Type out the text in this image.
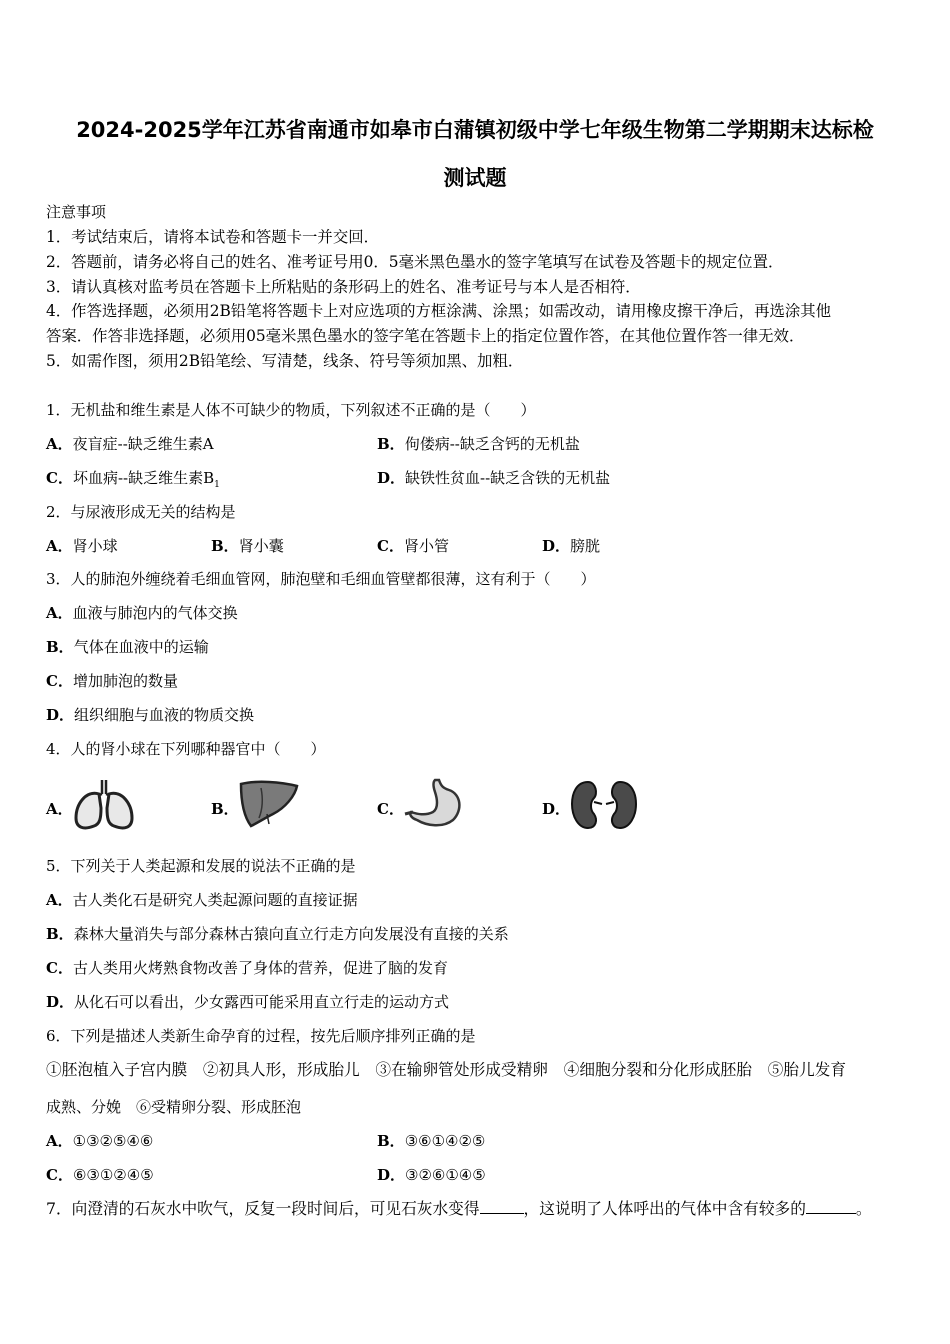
2024-2025学年江苏省南通市如皋市白蒲镇初级中学七年级生物第二学期期末达标检
测试题
注意事项
1．考试结束后，请将本试卷和答题卡一并交回．
2．答题前，请务必将自己的姓名、准考证号用0．5毫米黑色墨水的签字笔填写在试卷及答题卡的规定位置．
3．请认真核对监考员在答题卡上所粘贴的条形码上的姓名、准考证号与本人是否相符．
4．作答选择题，必须用2B铅笔将答题卡上对应选项的方框涂满、涂黑；如需改动，请用橡皮擦干净后，再选涂其他
答案．作答非选择题，必须用05毫米黑色墨水的签字笔在答题卡上的指定位置作答，在其他位置作答一律无效．
5．如需作图，须用2B铅笔绘、写清楚，线条、符号等须加黑、加粗．
1．无机盐和维生素是人体不可缺少的物质，下列叙述不正确的是（　　）
A．夜盲症--缺乏维生素A	B．佝偻病--缺乏含钙的无机盐
C．坏血病--缺乏维生素$B_1$	D．缺铁性贫血--缺乏含铁的无机盐
2．与尿液形成无关的结构是
A．肾小球	B．肾小囊	C．肾小管	D．膀胱
3．人的肺泡外缠绕着毛细血管网，肺泡壁和毛细血管壁都很薄，这有利于（　　）
A．血液与肺泡内的气体交换
B．气体在血液中的运输
C．增加肺泡的数量
D．组织细胞与血液的物质交换
4．人的肾小球在下列哪种器官中（　　）
A．	B．	C．	D．
5．下列关于人类起源和发展的说法不正确的是
A．古人类化石是研究人类起源问题的直接证据
B．森林大量消失与部分森林古猿向直立行走方向发展没有直接的关系
C．古人类用火烤熟食物改善了身体的营养，促进了脑的发育
D．从化石可以看出，少女露西可能采用直立行走的运动方式
6．下列是描述人类新生命孕育的过程，按先后顺序排列正确的是
①胚泡植入子宫内膜　②初具人形，形成胎儿　③在输卵管处形成受精卵　④细胞分裂和分化形成胚胎　⑤胎儿发育
成熟、分娩　⑥受精卵分裂、形成胚泡
A．①③②⑤④⑥	B．③⑥①④②⑤
C．⑥③①②④⑤	D．③②⑥①④⑤
7．向澄清的石灰水中吹气，反复一段时间后，可见石灰水变得	，这说明了人体呼出的气体中含有较多的	。
